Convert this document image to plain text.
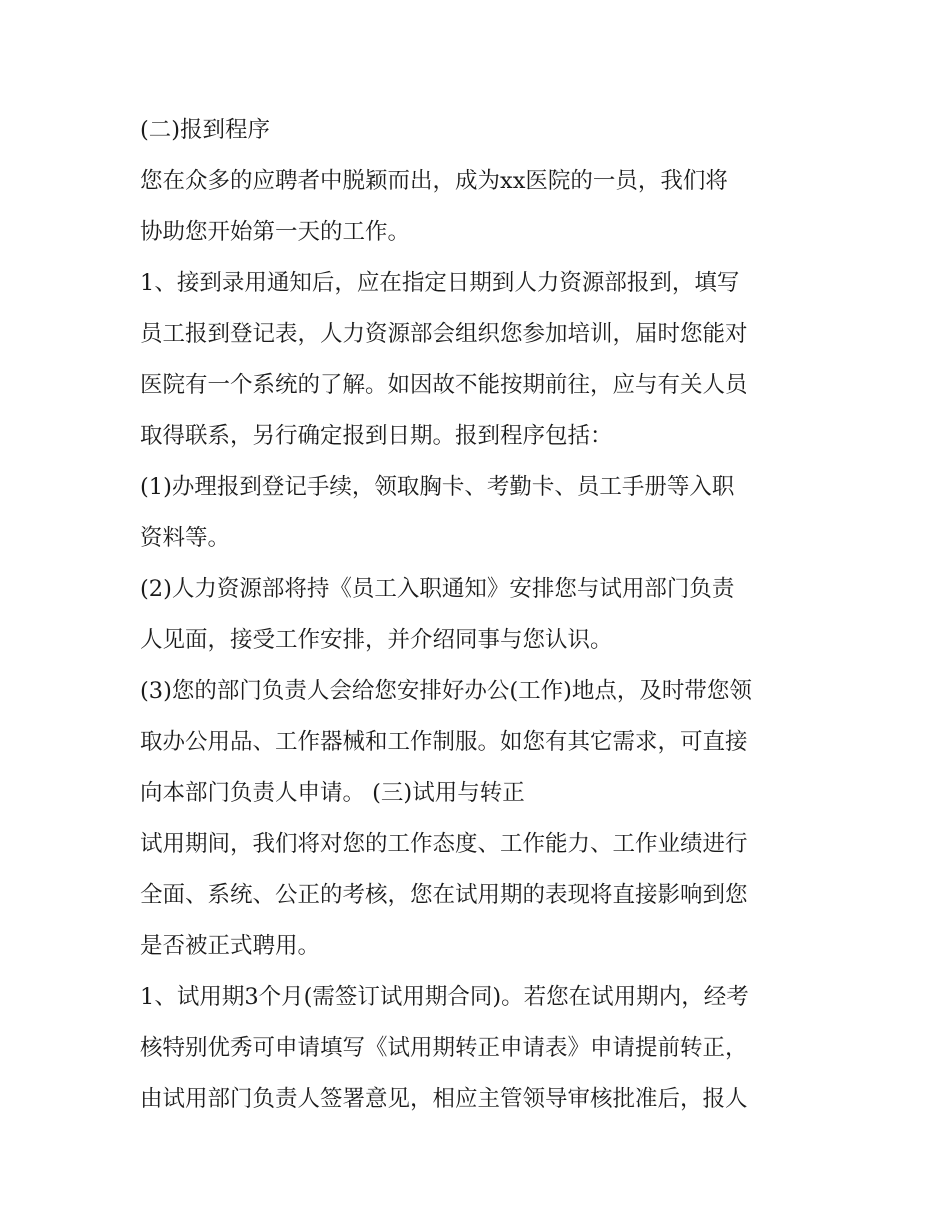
(二)报到程序
您在众多的应聘者中脱颖而出，成为xx医院的一员，我们将
协助您开始第一天的工作。
1、接到录用通知后，应在指定日期到人力资源部报到，填写
员工报到登记表，人力资源部会组织您参加培训，届时您能对
医院有一个系统的了解。如因故不能按期前往，应与有关人员
取得联系，另行确定报到日期。报到程序包括：
(1)办理报到登记手续，领取胸卡、考勤卡、员工手册等入职
资料等。
(2)人力资源部将持《员工入职通知》安排您与试用部门负责
人见面，接受工作安排，并介绍同事与您认识。
(3)您的部门负责人会给您安排好办公(工作)地点，及时带您领
取办公用品、工作器械和工作制服。如您有其它需求，可直接
向本部门负责人申请。 (三)试用与转正
试用期间，我们将对您的工作态度、工作能力、工作业绩进行
全面、系统、公正的考核，您在试用期的表现将直接影响到您
是否被正式聘用。
1、试用期3个月(需签订试用期合同)。若您在试用期内，经考
核特别优秀可申请填写《试用期转正申请表》申请提前转正，
由试用部门负责人签署意见，相应主管领导审核批准后，报人
